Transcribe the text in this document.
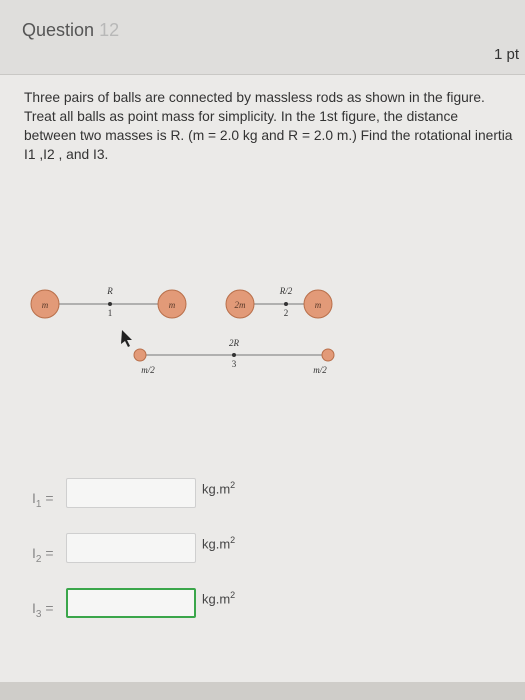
Question 12
1 pt
Three pairs of balls are connected by massless rods as shown in the figure. Treat all balls as point mass for simplicity. In the 1st figure, the distance between two masses is R. (m = 2.0 kg and R = 2.0 m.) Find the rotational inertia I1 ,I2 , and I3.
m	m
R
1
2m	m
R/2
2
m/2	m/2
2R
3
$I_1$ =
$kg.m^2$
$I_2$ =
$kg.m^2$
$I_3$ =
$kg.m^2$
